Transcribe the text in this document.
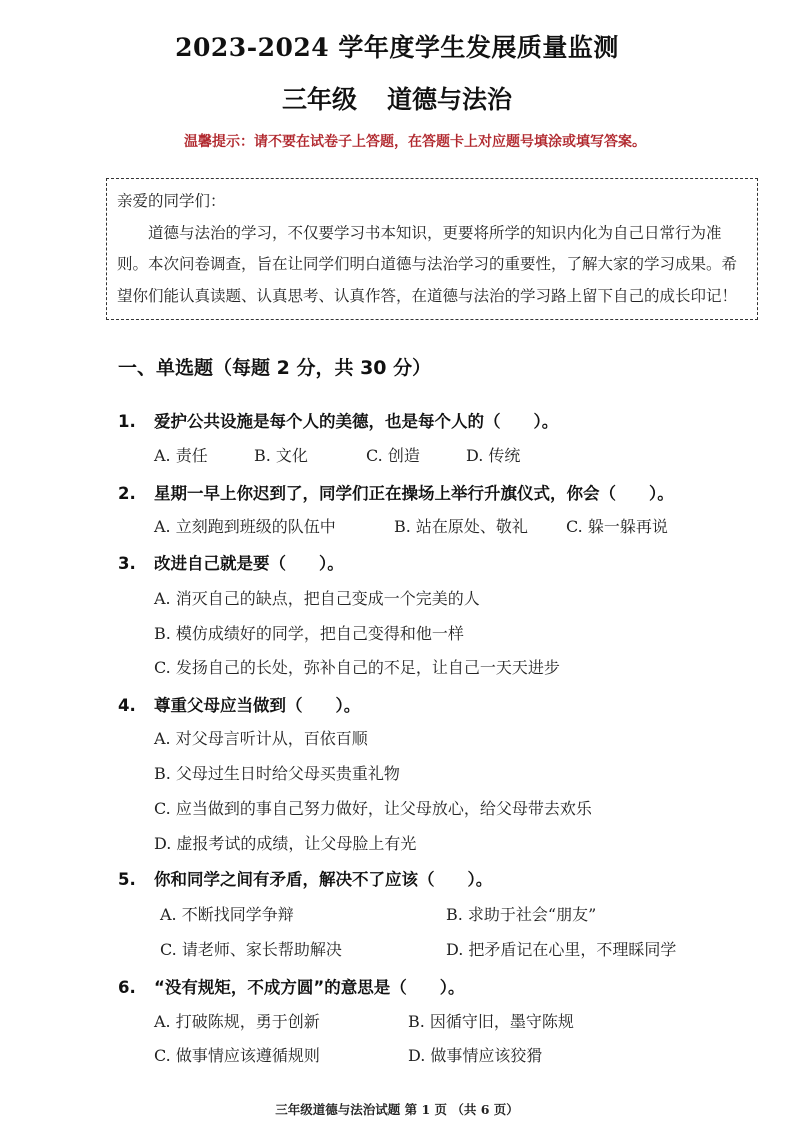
2023-2024 学年度学生发展质量监测
三年级 道德与法治
温馨提示：请不要在试卷子上答题，在答题卡上对应题号填涂或填写答案。
亲爱的同学们：
道德与法治的学习，不仅要学习书本知识，更要将所学的知识内化为自己日常行为准则。本次问卷调查，旨在让同学们明白道德与法治学习的重要性，了解大家的学习成果。希望你们能认真读题、认真思考、认真作答，在道德与法治的学习路上留下自己的成长印记！
一、单选题（每题 2 分，共 30 分）
1. 爱护公共设施是每个人的美德，也是每个人的（　　）。
A. 责任	B. 文化	C. 创造	D. 传统
2. 星期一早上你迟到了，同学们正在操场上举行升旗仪式，你会（　　）。
A. 立刻跑到班级的队伍中	B. 站在原处、敬礼 C. 躲一躲再说
3. 改进自己就是要（　　）。
A. 消灭自己的缺点，把自己变成一个完美的人
B. 模仿成绩好的同学，把自己变得和他一样
C. 发扬自己的长处，弥补自己的不足，让自己一天天进步
4. 尊重父母应当做到（　　）。
A. 对父母言听计从，百依百顺
B. 父母过生日时给父母买贵重礼物
C. 应当做到的事自己努力做好，让父母放心，给父母带去欢乐
D. 虚报考试的成绩，让父母脸上有光
5. 你和同学之间有矛盾，解决不了应该（　　）。
A. 不断找同学争辩	B. 求助于社会“朋友”
C. 请老师、家长帮助解决	D. 把矛盾记在心里，不理睬同学
6. “没有规矩，不成方圆”的意思是（　　）。
A. 打破陈规，勇于创新	B. 因循守旧，墨守陈规
C. 做事情应该遵循规则	D. 做事情应该狡猾
三年级道德与法治试题 第 1 页 （共 6 页）
